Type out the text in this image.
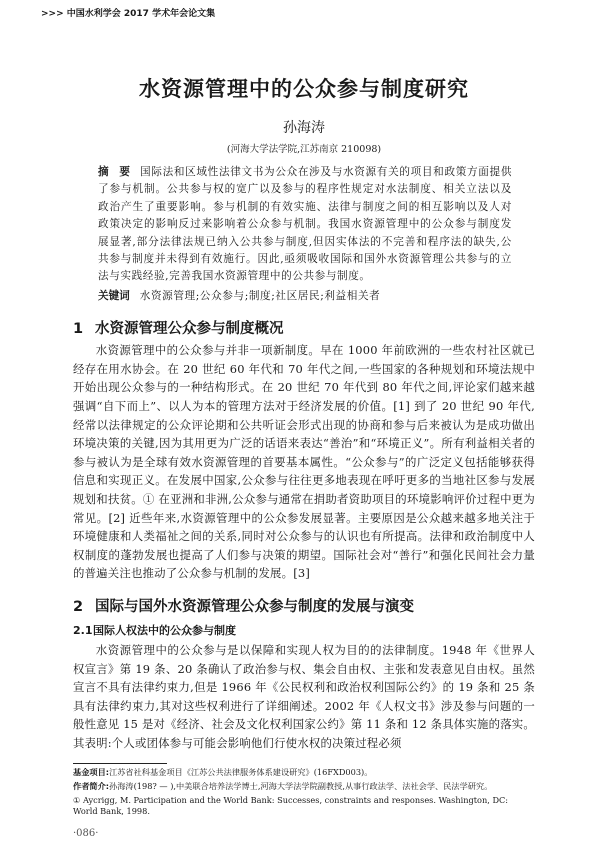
>>> 中国水利学会 2017 学术年会论文集
水资源管理中的公众参与制度研究
孙海涛
(河海大学法学院,江苏南京 210098)
摘　要 国际法和区域性法律文书为公众在涉及与水资源有关的项目和政策方面提供了参与机制。公共参与权的宽广以及参与的程序性规定对水法制度、相关立法以及政治产生了重要影响。参与机制的有效实施、法律与制度之间的相互影响以及人对政策决定的影响反过来影响着公众参与机制。我国水资源管理中的公众参与制度发展显著,部分法律法规已纳入公共参与制度,但因实体法的不完善和程序法的缺失,公共参与制度并未得到有效施行。因此,亟须吸收国际和国外水资源管理公共参与的立法与实践经验,完善我国水资源管理中的公共参与制度。
关键词 水资源管理;公众参与;制度;社区居民;利益相关者
1 水资源管理公众参与制度概况
水资源管理中的公众参与并非一项新制度。早在 1000 年前欧洲的一些农村社区就已经存在用水协会。在 20 世纪 60 年代和 70 年代之间,一些国家的各种规划和环境法规中开始出现公众参与的一种结构形式。在 20 世纪 70 年代到 80 年代之间,评论家们越来越强调“自下而上”、以人为本的管理方法对于经济发展的价值。[1] 到了 20 世纪 90 年代,经常以法律规定的公众评论期和公共听证会形式出现的协商和参与后来被认为是成功做出环境决策的关键,因为其用更为广泛的话语来表达“善治”和“环境正义”。所有利益相关者的参与被认为是全球有效水资源管理的首要基本属性。“公众参与”的广泛定义包括能够获得信息和实现正义。在发展中国家,公众参与往往更多地表现在呼吁更多的当地社区参与发展规划和扶贫。① 在亚洲和非洲,公众参与通常在捐助者资助项目的环境影响评价过程中更为常见。[2] 近些年来,水资源管理中的公众参发展显著。主要原因是公众越来越多地关注于环境健康和人类福祉之间的关系,同时对公众参与的认识也有所提高。法律和政治制度中人权制度的蓬勃发展也提高了人们参与决策的期望。国际社会对“善行”和强化民间社会力量的普遍关注也推动了公众参与机制的发展。[3]
2 国际与国外水资源管理公众参与制度的发展与演变
2.1国际人权法中的公众参与制度
水资源管理中的公众参与是以保障和实现人权为目的的法律制度。1948 年《世界人权宣言》第 19 条、20 条确认了政治参与权、集会自由权、主张和发表意见自由权。虽然宣言不具有法律约束力,但是 1966 年《公民权利和政治权利国际公约》的 19 条和 25 条具有法律约束力,其对这些权利进行了详细阐述。2002 年《人权文书》涉及参与问题的一般性意见 15 是对《经济、社会及文化权利国家公约》第 11 条和 12 条具体实施的落实。其表明:个人或团体参与可能会影响他们行使水权的决策过程必须
基金项目:江苏省社科基金项目《江苏公共法律服务体系建设研究》(16FXD003)。
作者简介:孙海涛(198? — ),中美联合培养法学博士,河海大学法学院副教授,从事行政法学、法社会学、民法学研究。
① Aycrigg, M. Participation and the World Bank: Successes, constraints and responses. Washington, DC: World Bank, 1998.
·086·
